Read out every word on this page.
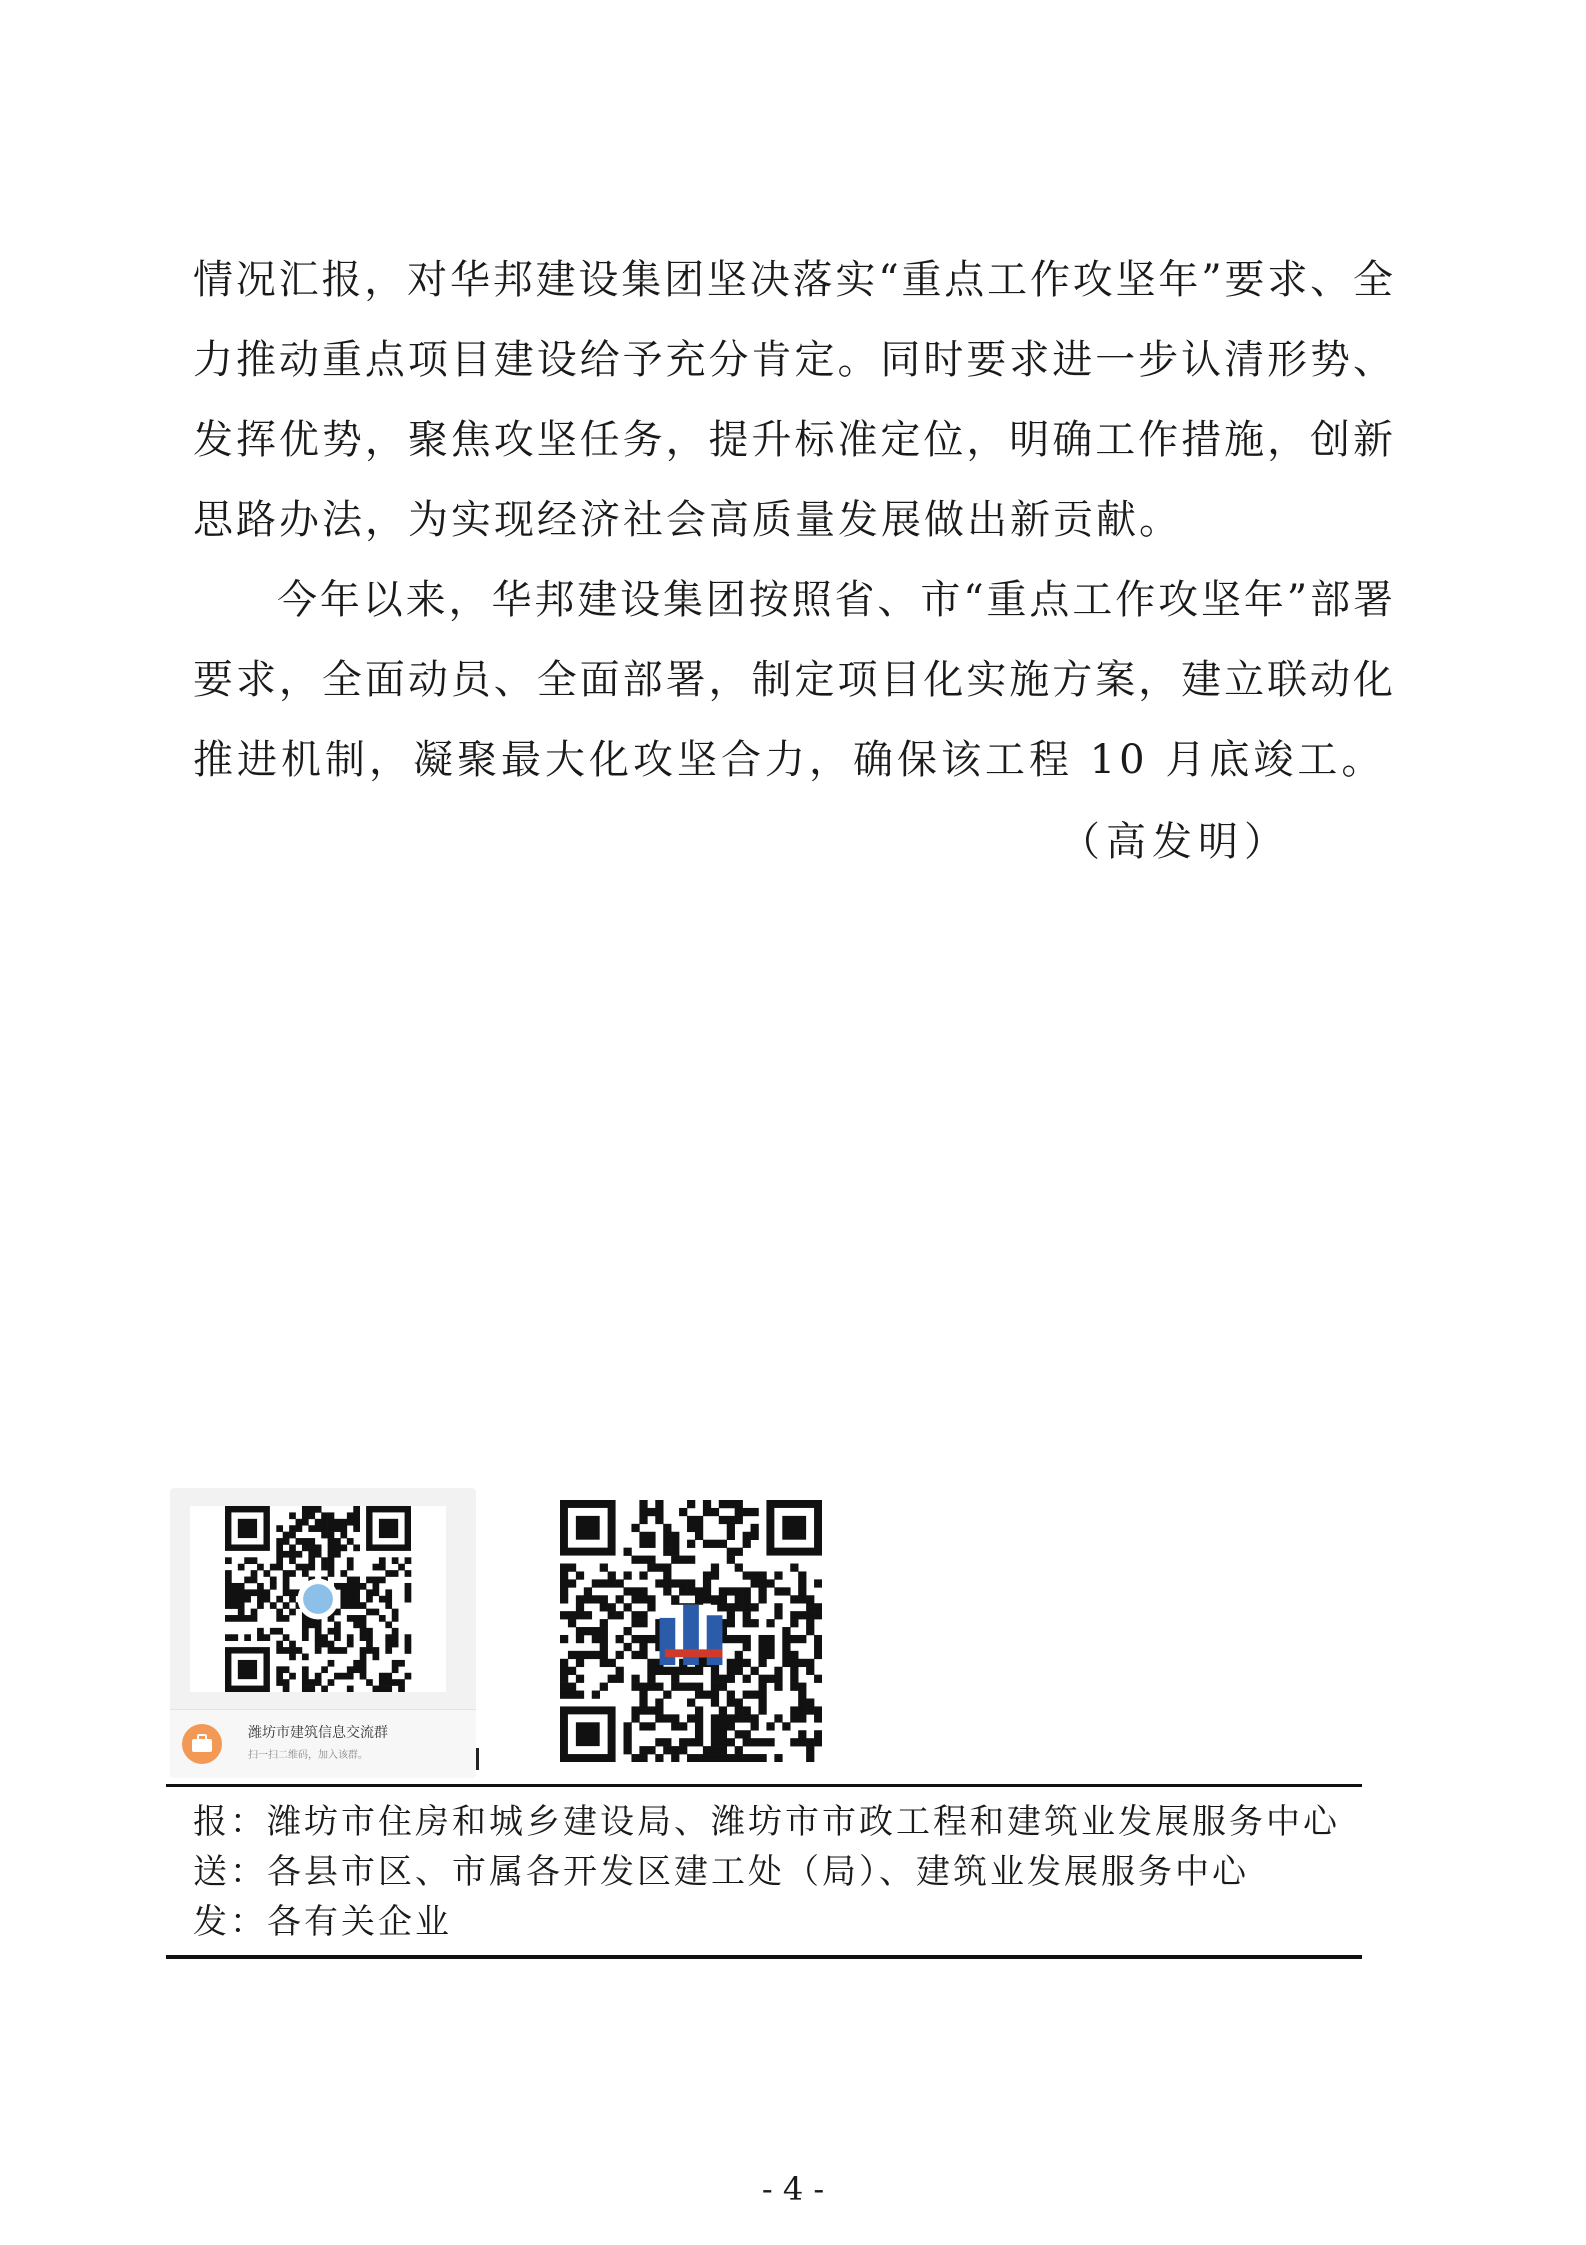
情况汇报，对华邦建设集团坚决落实“重点工作攻坚年”要求、全
力推动重点项目建设给予充分肯定。同时要求进一步认清形势、
发挥优势，聚焦攻坚任务，提升标准定位，明确工作措施，创新
思路办法，为实现经济社会高质量发展做出新贡献。
今年以来，华邦建设集团按照省、市“重点工作攻坚年”部署
要求，全面动员、全面部署，制定项目化实施方案，建立联动化
推进机制，凝聚最大化攻坚合力，确保该工程 10 月底竣工。
（高发明）
潍坊市建筑信息交流群
扫一扫二维码，加入该群。
报：潍坊市住房和城乡建设局、潍坊市市政工程和建筑业发展服务中心
送：各县市区、市属各开发区建工处（局）、建筑业发展服务中心
发：各有关企业
- 4 -
